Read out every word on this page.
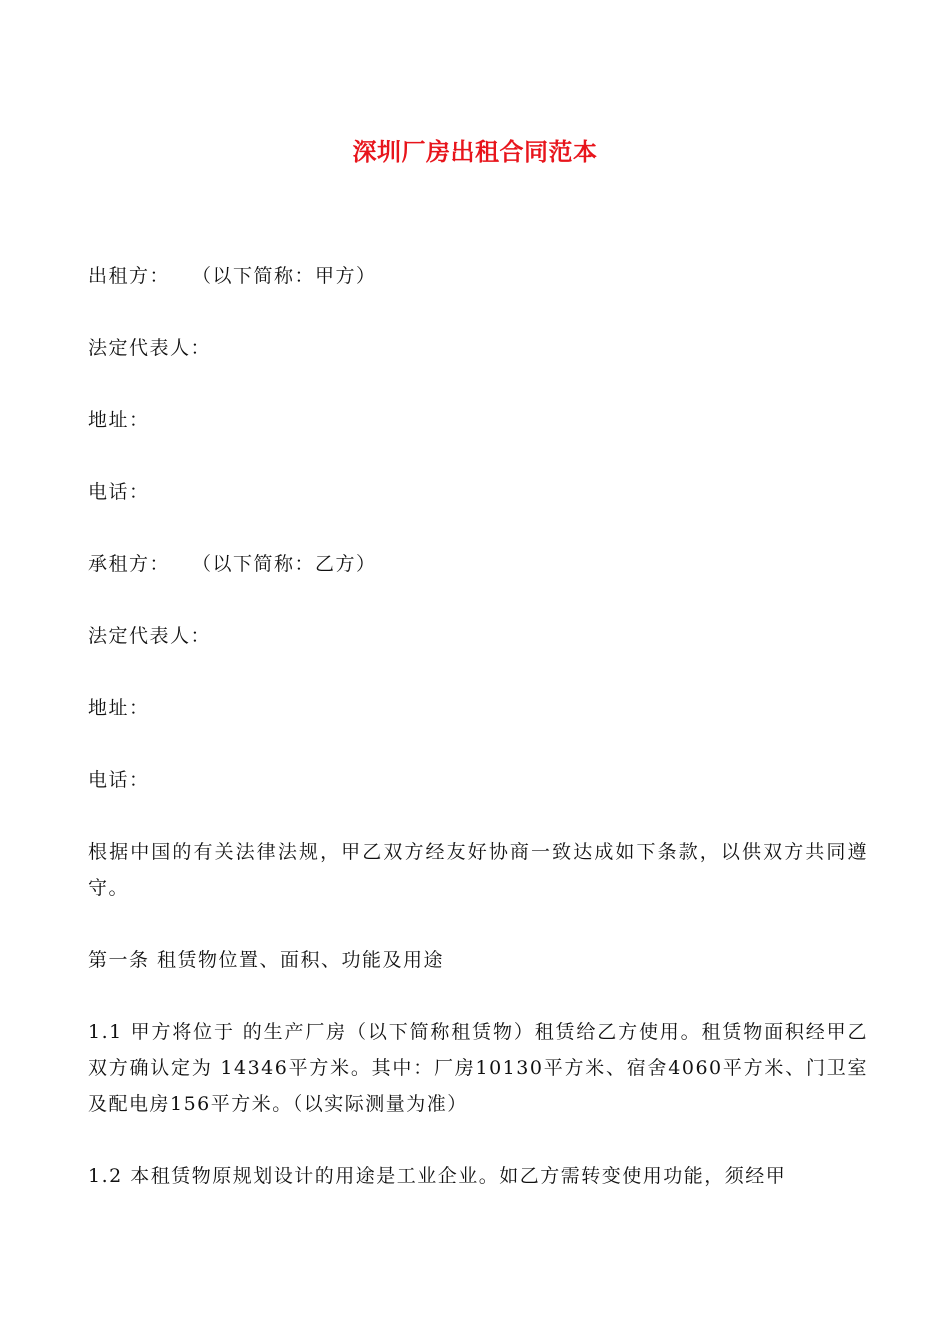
深圳厂房出租合同范本

出租方：　　（以下简称：甲方）

法定代表人：

地址：

电话：

承租方：　　（以下简称：乙方）

法定代表人：

地址：

电话：

根据中国的有关法律法规，甲乙双方经友好协商一致达成如下条款，以供双方共同遵守。

第一条 租赁物位置、面积、功能及用途

1.1 甲方将位于 的生产厂房（以下简称租赁物）租赁给乙方使用。租赁物面积经甲乙双方确认定为 14346平方米。其中：厂房10130平方米、宿舍4060平方米、门卫室及配电房156平方米。（以实际测量为准）

1.2 本租赁物原规划设计的用途是工业企业。如乙方需转变使用功能，须经甲
